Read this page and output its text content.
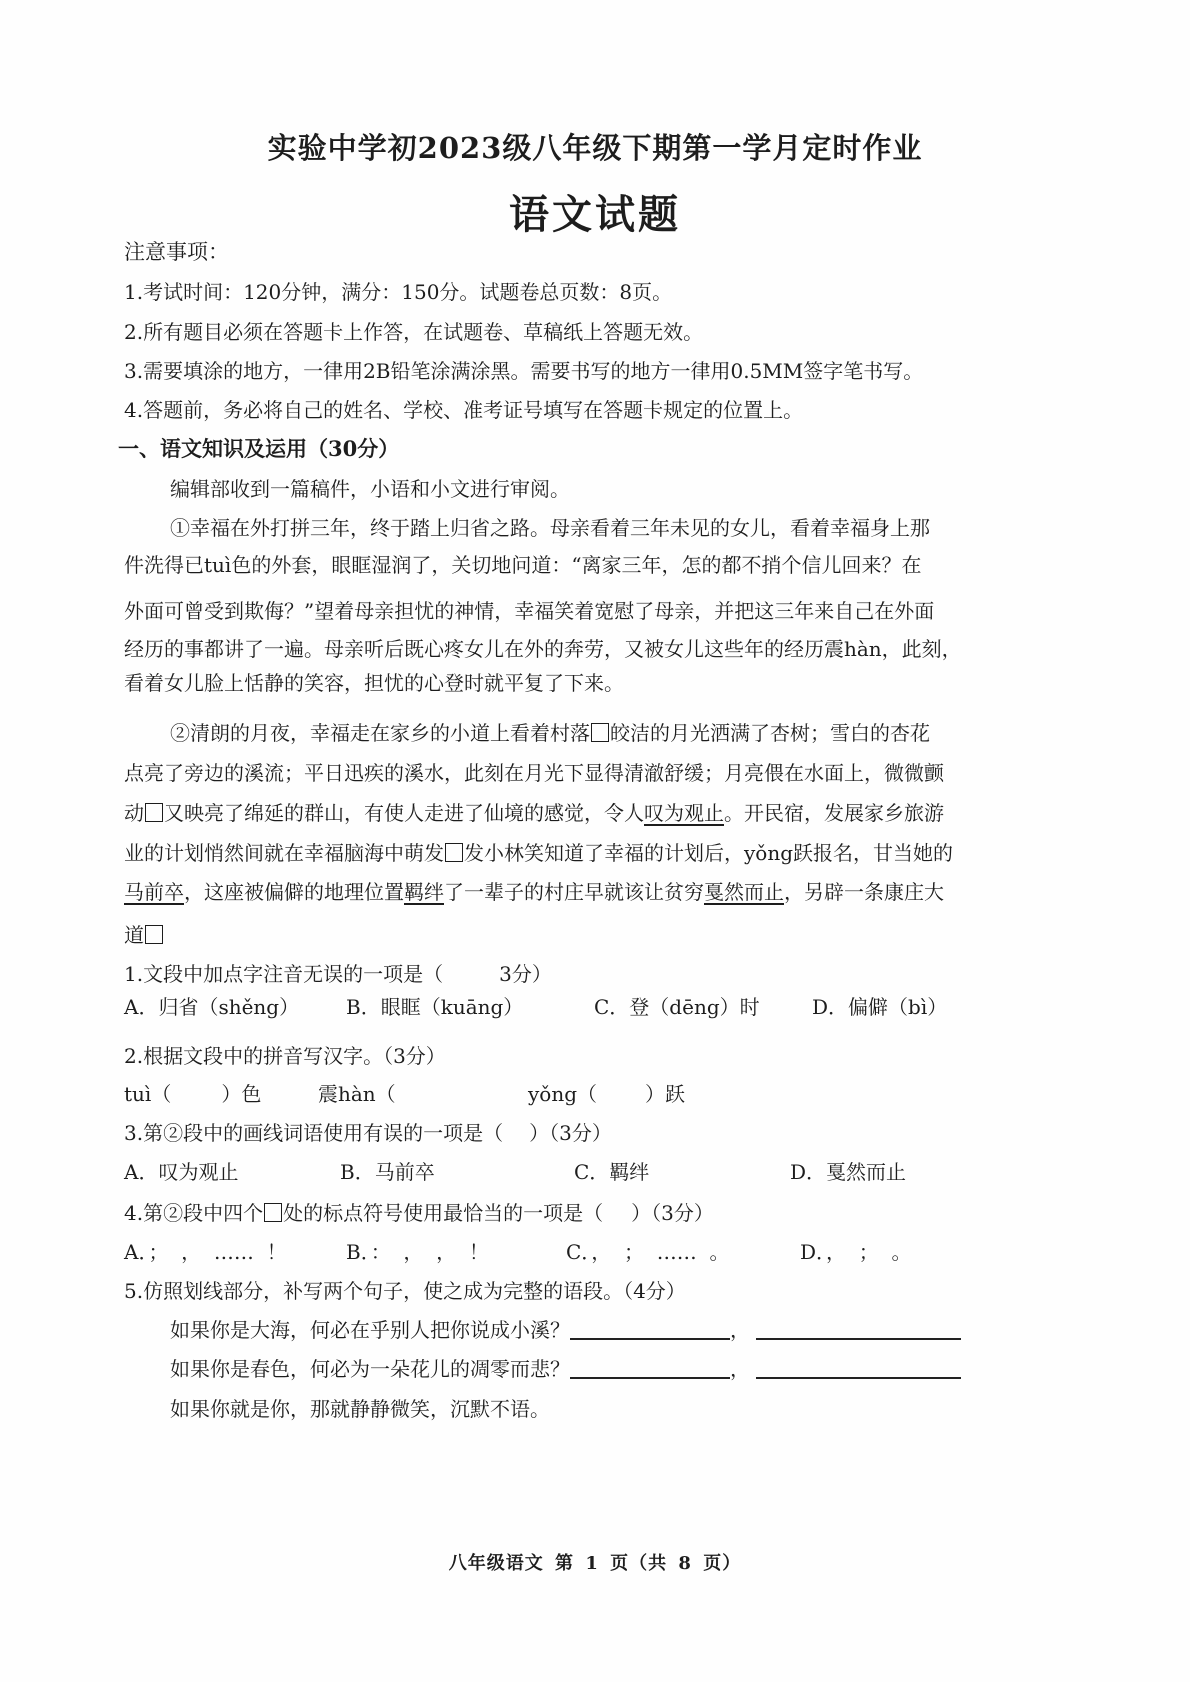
实验中学初2023级八年级下期第一学月定时作业
语文试题
注意事项：
1.考试时间：120分钟，满分：150分。试题卷总页数：8页。
2.所有题目必须在答题卡上作答，在试题卷、草稿纸上答题无效。
3.需要填涂的地方，一律用2B铅笔涂满涂黑。需要书写的地方一律用0.5MM签字笔书写。
4.答题前，务必将自己的姓名、学校、准考证号填写在答题卡规定的位置上。
一、语文知识及运用（30分）
编辑部收到一篇稿件，小语和小文进行审阅。
①幸福在外打拼三年，终于踏上归省之路。母亲看着三年未见的女儿，看着幸福身上那
件洗得已tuì色的外套，眼眶湿润了，关切地问道：“离家三年，怎的都不捎个信儿回来？在
外面可曾受到欺侮？”望着母亲担忧的神情，幸福笑着宽慰了母亲，并把这三年来自己在外面
经历的事都讲了一遍。母亲听后既心疼女儿在外的奔劳，又被女儿这些年的经历震hàn，此刻，
看着女儿脸上恬静的笑容，担忧的心登时就平复了下来。
②清朗的月夜，幸福走在家乡的小道上看着村落 皎洁的月光洒满了杏树；雪白的杏花
点亮了旁边的溪流；平日迅疾的溪水，此刻在月光下显得清澈舒缓；月亮偎在水面上，微微颤
动 又映亮了绵延的群山，有使人走进了仙境的感觉，令人叹为观止。开民宿，发展家乡旅游
业的计划悄然间就在幸福脑海中萌发 发小林笑知道了幸福的计划后，yǒng跃报名，甘当她的
马前卒，这座被偏僻的地理位置羁绊了一辈子的村庄早就该让贫穷戛然而止，另辟一条康庄大
道
1.文段中加点字注音无误的一项是（	3分）
A．归省（shěng） B．眼眶（kuāng）	C．登（dēng）时	D．偏僻（bì）
2.根据文段中的拼音写汉字。（3分）
tuì（	）色	震hàn（	yǒng（ ）跃
3.第②段中的画线词语使用有误的一项是（ ）（3分）
A．叹为观止	B．马前卒	C．羁绊	D．戛然而止
4.第②段中四个 处的标点符号使用最恰当的一项是（ ）（3分）
A．；  ，  ……  ！	B．：  ，  ，  ！	C．，  ；  ……  。	D．，  ；  。
5.仿照划线部分，补写两个句子，使之成为完整的语段。（4分）
如果你是大海，何必在乎别人把你说成小溪？	，
如果你是春色，何必为一朵花儿的凋零而悲？	，
如果你就是你，那就静静微笑，沉默不语。
八年级语文 第 1 页（共 8 页）
